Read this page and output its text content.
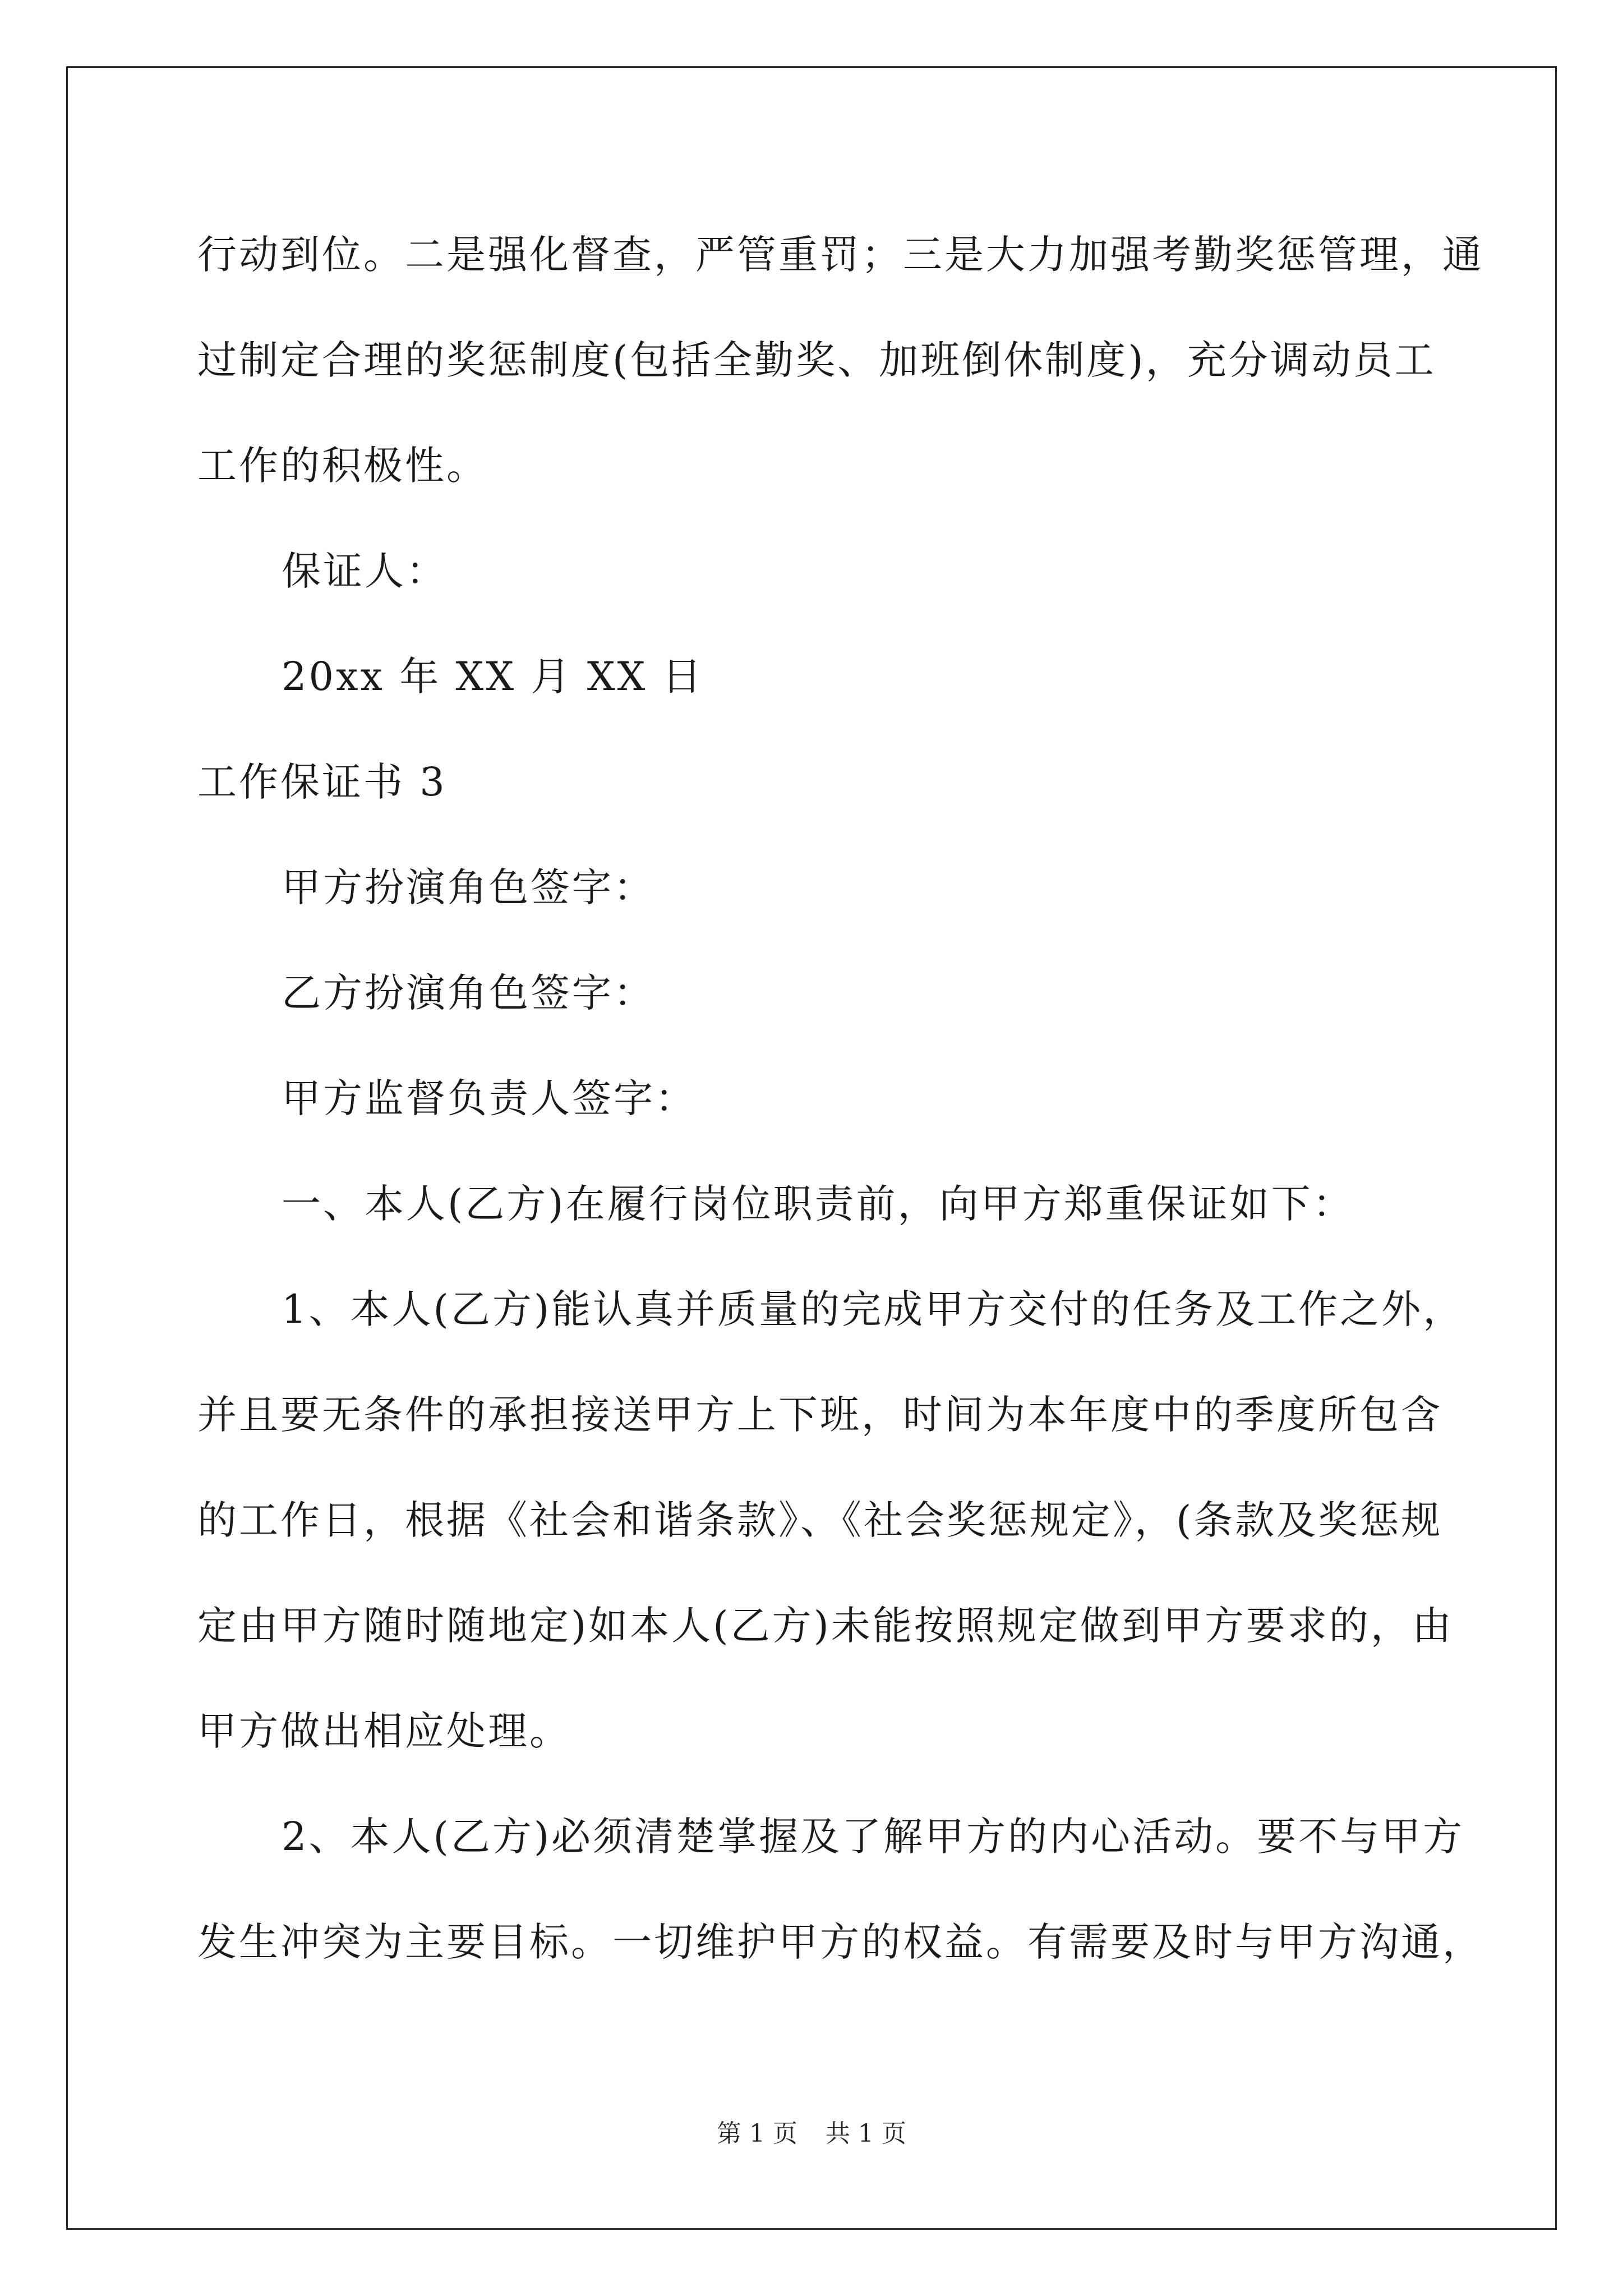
行动到位。二是强化督查，严管重罚；三是大力加强考勤奖惩管理，通

过制定合理的奖惩制度(包括全勤奖、加班倒休制度)，充分调动员工

工作的积极性。

保证人：

20xx 年 XX 月 XX 日

工作保证书 3

甲方扮演角色签字：

乙方扮演角色签字：

甲方监督负责人签字：

一、本人(乙方)在履行岗位职责前，向甲方郑重保证如下：

1、本人(乙方)能认真并质量的完成甲方交付的任务及工作之外，

并且要无条件的承担接送甲方上下班，时间为本年度中的季度所包含

的工作日，根据《社会和谐条款》、《社会奖惩规定》，(条款及奖惩规

定由甲方随时随地定)如本人(乙方)未能按照规定做到甲方要求的，由

甲方做出相应处理。

2、本人(乙方)必须清楚掌握及了解甲方的内心活动。要不与甲方

发生冲突为主要目标。一切维护甲方的权益。有需要及时与甲方沟通，

第 1 页 共 1 页
